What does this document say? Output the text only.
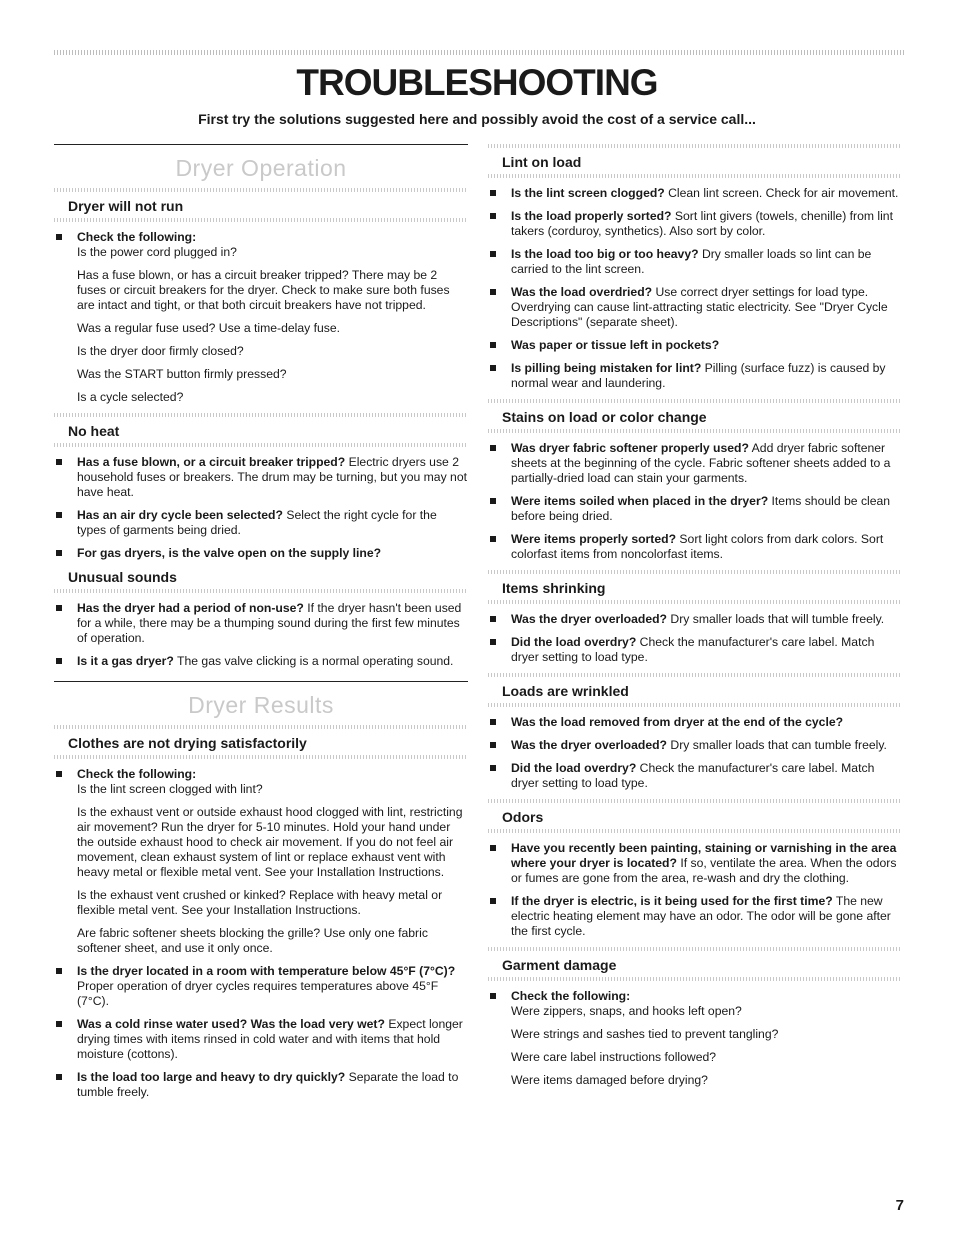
TROUBLESHOOTING
First try the solutions suggested here and possibly avoid the cost of a service call...
Dryer Operation
Dryer will not run
Check the following:
Is the power cord plugged in?
Has a fuse blown, or has a circuit breaker tripped? There may be 2 fuses or circuit breakers for the dryer. Check to make sure both fuses are intact and tight, or that both circuit breakers have not tripped.
Was a regular fuse used? Use a time-delay fuse.
Is the dryer door firmly closed?
Was the START button firmly pressed?
Is a cycle selected?
No heat
Has a fuse blown, or a circuit breaker tripped? Electric dryers use 2 household fuses or breakers. The drum may be turning, but you may not have heat.
Has an air dry cycle been selected? Select the right cycle for the types of garments being dried.
For gas dryers, is the valve open on the supply line?
Unusual sounds
Has the dryer had a period of non-use? If the dryer hasn't been used for a while, there may be a thumping sound during the first few minutes of operation.
Is it a gas dryer? The gas valve clicking is a normal operating sound.
Dryer Results
Clothes are not drying satisfactorily
Check the following:
Is the lint screen clogged with lint?
Is the exhaust vent or outside exhaust hood clogged with lint, restricting air movement? Run the dryer for 5-10 minutes. Hold your hand under the outside exhaust hood to check air movement. If you do not feel air movement, clean exhaust system of lint or replace exhaust vent with heavy metal or flexible metal vent. See your Installation Instructions.
Is the exhaust vent crushed or kinked? Replace with heavy metal or flexible metal vent. See your Installation Instructions.
Are fabric softener sheets blocking the grille? Use only one fabric softener sheet, and use it only once.
Is the dryer located in a room with temperature below 45°F (7°C)? Proper operation of dryer cycles requires temperatures above 45°F (7°C).
Was a cold rinse water used? Was the load very wet? Expect longer drying times with items rinsed in cold water and with items that hold moisture (cottons).
Is the load too large and heavy to dry quickly? Separate the load to tumble freely.
Lint on load
Is the lint screen clogged? Clean lint screen. Check for air movement.
Is the load properly sorted? Sort lint givers (towels, chenille) from lint takers (corduroy, synthetics). Also sort by color.
Is the load too big or too heavy? Dry smaller loads so lint can be carried to the lint screen.
Was the load overdried? Use correct dryer settings for load type. Overdrying can cause lint-attracting static electricity. See "Dryer Cycle Descriptions" (separate sheet).
Was paper or tissue left in pockets?
Is pilling being mistaken for lint? Pilling (surface fuzz) is caused by normal wear and laundering.
Stains on load or color change
Was dryer fabric softener properly used? Add dryer fabric softener sheets at the beginning of the cycle. Fabric softener sheets added to a partially-dried load can stain your garments.
Were items soiled when placed in the dryer? Items should be clean before being dried.
Were items properly sorted? Sort light colors from dark colors. Sort colorfast items from noncolorfast items.
Items shrinking
Was the dryer overloaded? Dry smaller loads that will tumble freely.
Did the load overdry? Check the manufacturer's care label. Match dryer setting to load type.
Loads are wrinkled
Was the load removed from dryer at the end of the cycle?
Was the dryer overloaded? Dry smaller loads that can tumble freely.
Did the load overdry? Check the manufacturer's care label. Match dryer setting to load type.
Odors
Have you recently been painting, staining or varnishing in the area where your dryer is located? If so, ventilate the area. When the odors or fumes are gone from the area, re-wash and dry the clothing.
If the dryer is electric, is it being used for the first time? The new electric heating element may have an odor. The odor will be gone after the first cycle.
Garment damage
Check the following:
Were zippers, snaps, and hooks left open?
Were strings and sashes tied to prevent tangling?
Were care label instructions followed?
Were items damaged before drying?
7
